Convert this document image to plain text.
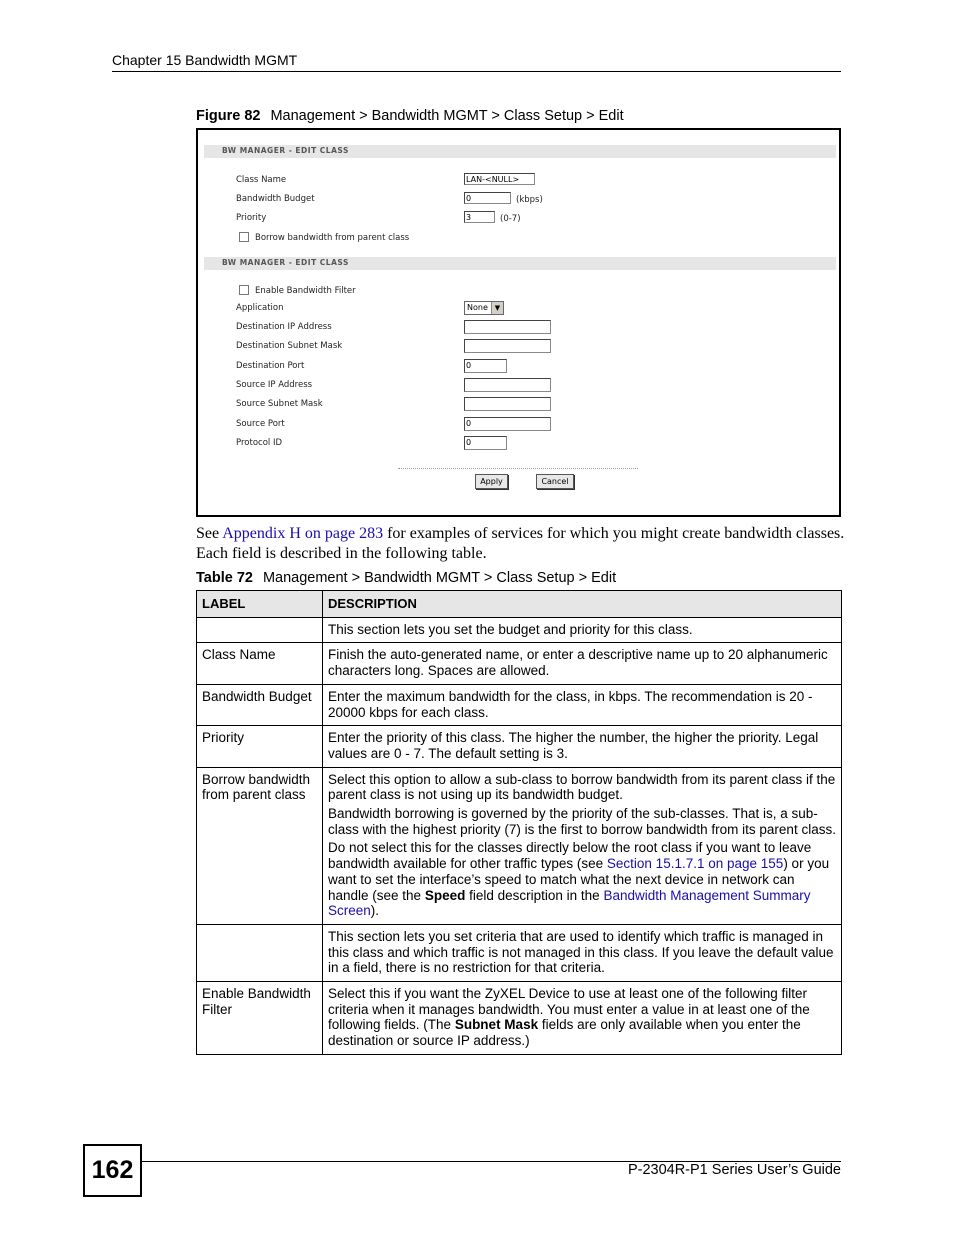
Chapter 15 Bandwidth MGMT
Figure 82 Management > Bandwidth MGMT > Class Setup > Edit
BW MANAGER - EDIT CLASS
Class Name	LAN-<NULL>
Bandwidth Budget	0	(kbps)
Priority	3	(0-7)
Borrow bandwidth from parent class
BW MANAGER - EDIT CLASS
Enable Bandwidth Filter
Application	None ▼
Destination IP Address
Destination Subnet Mask
Destination Port	0
Source IP Address
Source Subnet Mask
Source Port	0
Protocol ID	0
Apply	Cancel
See Appendix H on page 283 for examples of services for which you might create bandwidth classes. Each field is described in the following table.
Table 72 Management > Bandwidth MGMT > Class Setup > Edit
LABEL	DESCRIPTION
	This section lets you set the budget and priority for this class.
Class Name	Finish the auto-generated name, or enter a descriptive name up to 20 alphanumeric characters long. Spaces are allowed.
Bandwidth Budget	Enter the maximum bandwidth for the class, in kbps. The recommendation is 20 - 20000 kbps for each class.
Priority	Enter the priority of this class. The higher the number, the higher the priority. Legal values are 0 - 7. The default setting is 3.
Borrow bandwidth from parent class	Select this option to allow a sub-class to borrow bandwidth from its parent class if the parent class is not using up its bandwidth budget.

Bandwidth borrowing is governed by the priority of the sub-classes. That is, a sub-class with the highest priority (7) is the first to borrow bandwidth from its parent class.

Do not select this for the classes directly below the root class if you want to leave bandwidth available for other traffic types (see Section 15.1.7.1 on page 155) or you want to set the interface’s speed to match what the next device in network can handle (see the Speed field description in the Bandwidth Management Summary Screen).

	This section lets you set criteria that are used to identify which traffic is managed in this class and which traffic is not managed in this class. If you leave the default value in a field, there is no restriction for that criteria.
Enable Bandwidth Filter	Select this if you want the ZyXEL Device to use at least one of the following filter criteria when it manages bandwidth. You must enter a value in at least one of the following fields. (The Subnet Mask fields are only available when you enter the destination or source IP address.)
162	P-2304R-P1 Series User’s Guide
